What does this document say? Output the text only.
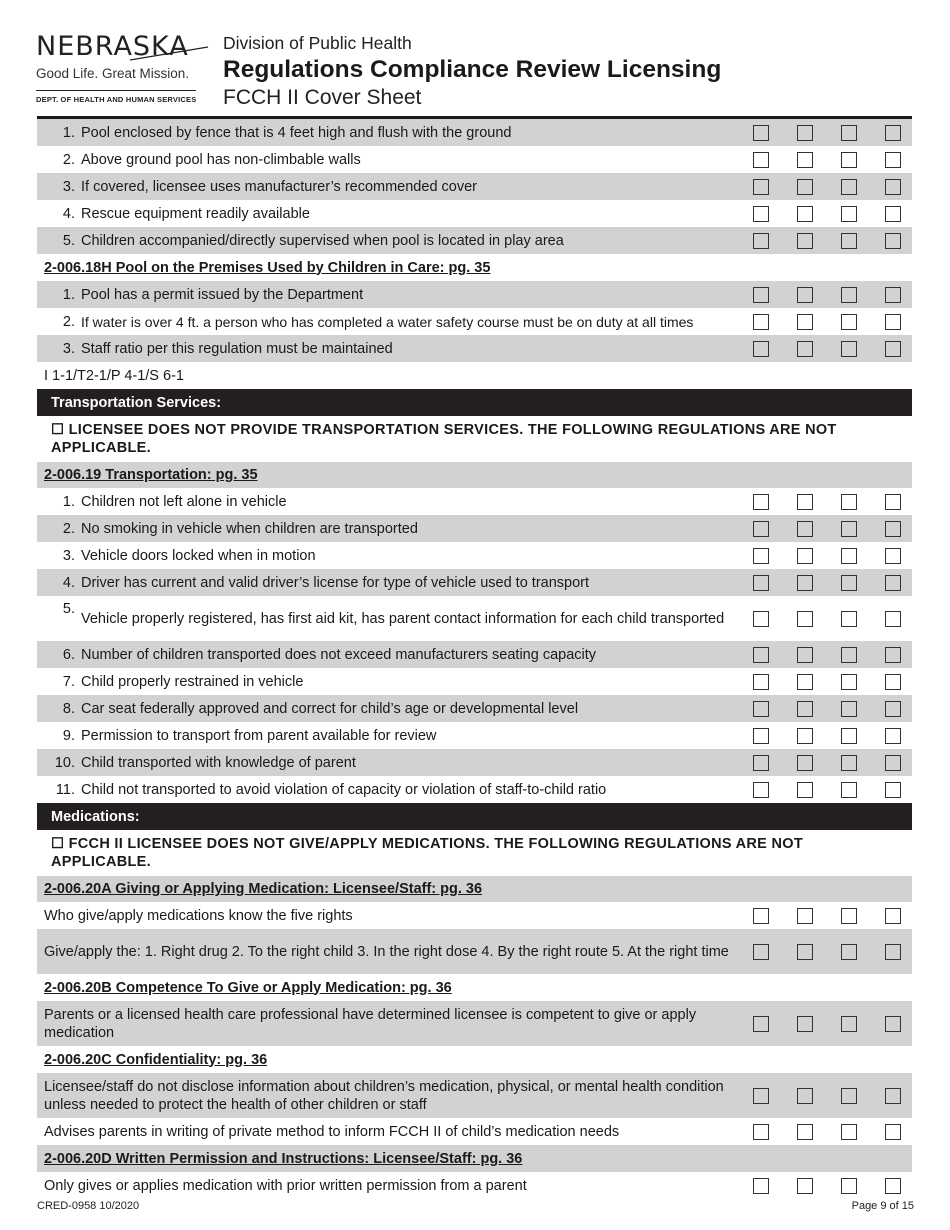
NEBRASKA
Good Life. Great Mission.
DEPT. OF HEALTH AND HUMAN SERVICES
Division of Public Health
Regulations Compliance Review Licensing
FCCH II Cover Sheet
1. Pool enclosed by fence that is 4 feet high and flush with the ground
2. Above ground pool has non-climbable walls
3. If covered, licensee uses manufacturer’s recommended cover
4. Rescue equipment readily available
5. Children accompanied/directly supervised when pool is located in play area
2-006.18H Pool on the Premises Used by Children in Care: pg. 35
1. Pool has a permit issued by the Department
2. If water is over 4 ft. a person who has completed a water safety course must be on duty at all times
3. Staff ratio per this regulation must be maintained
I 1-1/T2-1/P 4-1/S 6-1
Transportation Services:
☐ LICENSEE DOES NOT PROVIDE TRANSPORTATION SERVICES. THE FOLLOWING REGULATIONS ARE NOT APPLICABLE.
2-006.19 Transportation: pg. 35
1. Children not left alone in vehicle
2. No smoking in vehicle when children are transported
3. Vehicle doors locked when in motion
4. Driver has current and valid driver’s license for type of vehicle used to transport
5.
Vehicle properly registered, has first aid kit, has parent contact information for each child transported
6. Number of children transported does not exceed manufacturers seating capacity
7. Child properly restrained in vehicle
8. Car seat federally approved and correct for child’s age or developmental level
9. Permission to transport from parent available for review
10. Child transported with knowledge of parent
11. Child not transported to avoid violation of capacity or violation of staff-to-child ratio
Medications:
☐ FCCH II LICENSEE DOES NOT GIVE/APPLY MEDICATIONS. THE FOLLOWING REGULATIONS ARE NOT APPLICABLE.
2-006.20A Giving or Applying Medication: Licensee/Staff: pg. 36
Who give/apply medications know the five rights
Give/apply the: 1. Right drug 2. To the right child 3. In the right dose 4. By the right route 5. At the right time
2-006.20B Competence To Give or Apply Medication: pg. 36
Parents or a licensed health care professional have determined licensee is competent to give or apply medication
2-006.20C Confidentiality: pg. 36
Licensee/staff do not disclose information about children’s medication, physical, or mental health condition unless needed to protect the health of other children or staff
Advises parents in writing of private method to inform FCCH II of child’s medication needs
2-006.20D Written Permission and Instructions: Licensee/Staff: pg. 36
Only gives or applies medication with prior written permission from a parent
CRED-0958 10/2020	Page 9 of 15
